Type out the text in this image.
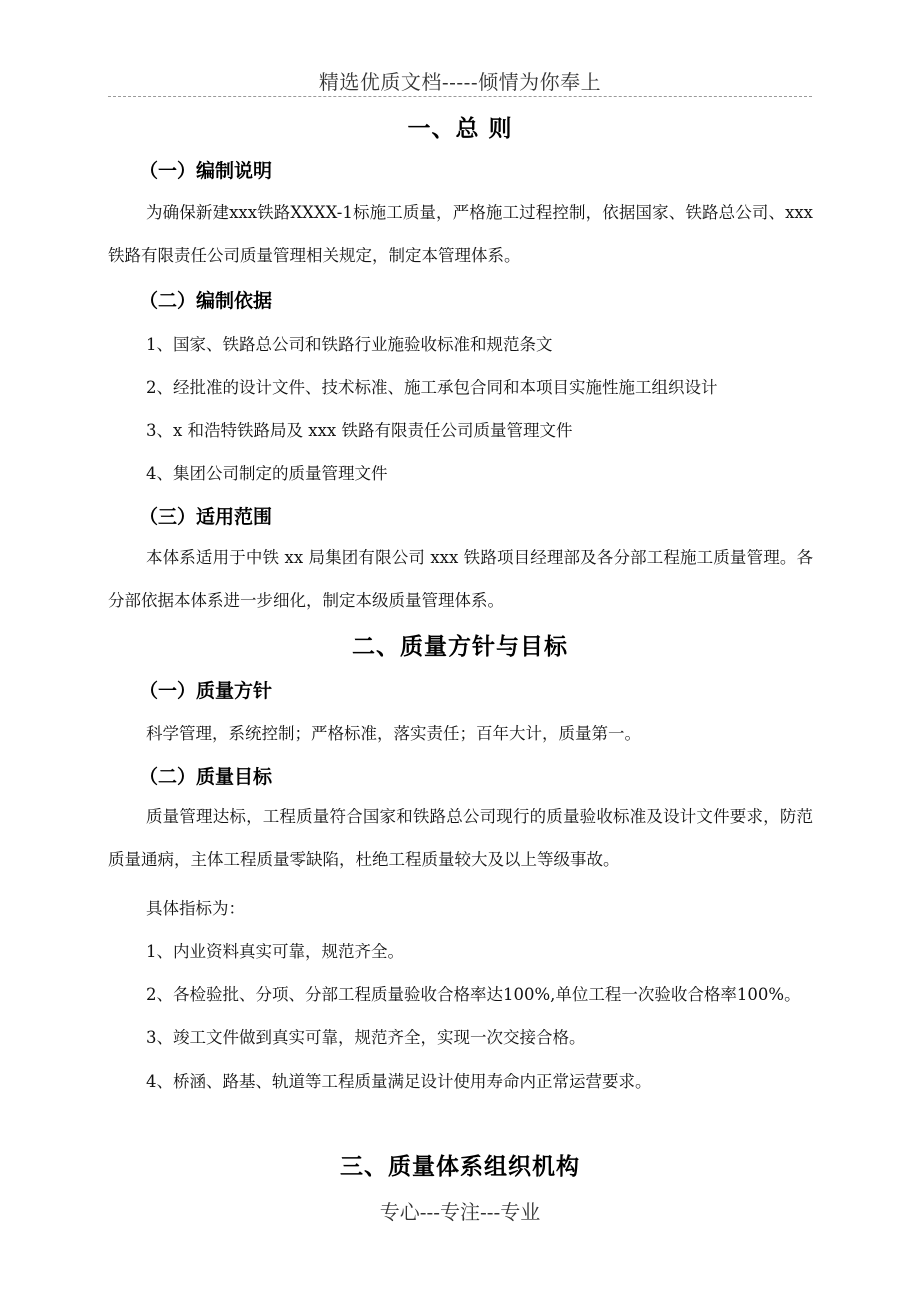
精选优质文档-----倾情为你奉上
一、总 则
（一）编制说明
为确保新建xxx铁路XXXX-1标施工质量，严格施工过程控制，依据国家、铁路总公司、xxx铁路有限责任公司质量管理相关规定，制定本管理体系。
（二）编制依据
1、国家、铁路总公司和铁路行业施验收标准和规范条文
2、经批准的设计文件、技术标准、施工承包合同和本项目实施性施工组织设计
3、x 和浩特铁路局及 xxx 铁路有限责任公司质量管理文件
4、集团公司制定的质量管理文件
（三）适用范围
本体系适用于中铁 xx 局集团有限公司 xxx 铁路项目经理部及各分部工程施工质量管理。各分部依据本体系进一步细化，制定本级质量管理体系。
二、质量方针与目标
（一）质量方针
科学管理，系统控制；严格标准，落实责任；百年大计，质量第一。
（二）质量目标
质量管理达标，工程质量符合国家和铁路总公司现行的质量验收标准及设计文件要求，防范质量通病，主体工程质量零缺陷，杜绝工程质量较大及以上等级事故。
具体指标为：
1、内业资料真实可靠，规范齐全。
2、各检验批、分项、分部工程质量验收合格率达100%,单位工程一次验收合格率100%。
3、竣工文件做到真实可靠，规范齐全，实现一次交接合格。
4、桥涵、路基、轨道等工程质量满足设计使用寿命内正常运营要求。
三、质量体系组织机构
专心---专注---专业
